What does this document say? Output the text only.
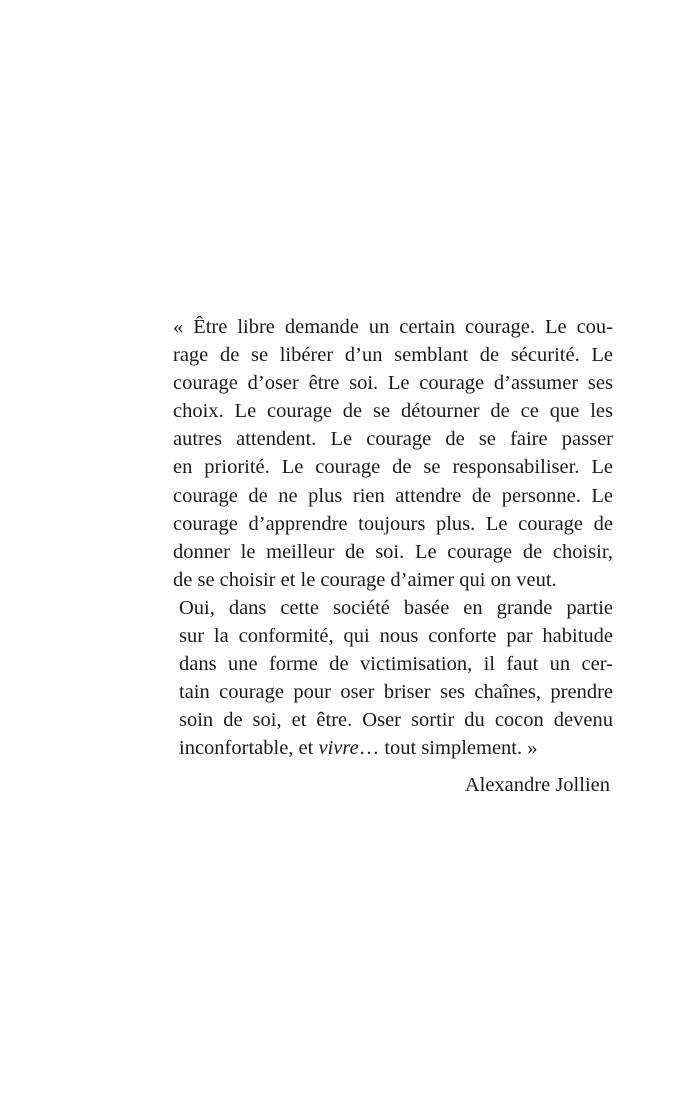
« Être libre demande un certain courage. Le cou-
rage de se libérer d’un semblant de sécurité. Le
courage d’oser être soi. Le courage d’assumer ses
choix. Le courage de se détourner de ce que les
autres attendent. Le courage de se faire passer
en priorité. Le courage de se responsabiliser. Le
courage de ne plus rien attendre de personne. Le
courage d’apprendre toujours plus. Le courage de
donner le meilleur de soi. Le courage de choisir,
de se choisir et le courage d’aimer qui on veut.
Oui, dans cette société basée en grande partie
sur la conformité, qui nous conforte par habitude
dans une forme de victimisation, il faut un cer-
tain courage pour oser briser ses chaînes, prendre
soin de soi, et être. Oser sortir du cocon devenu
inconfortable, et vivre… tout simplement. »
Alexandre Jollien
